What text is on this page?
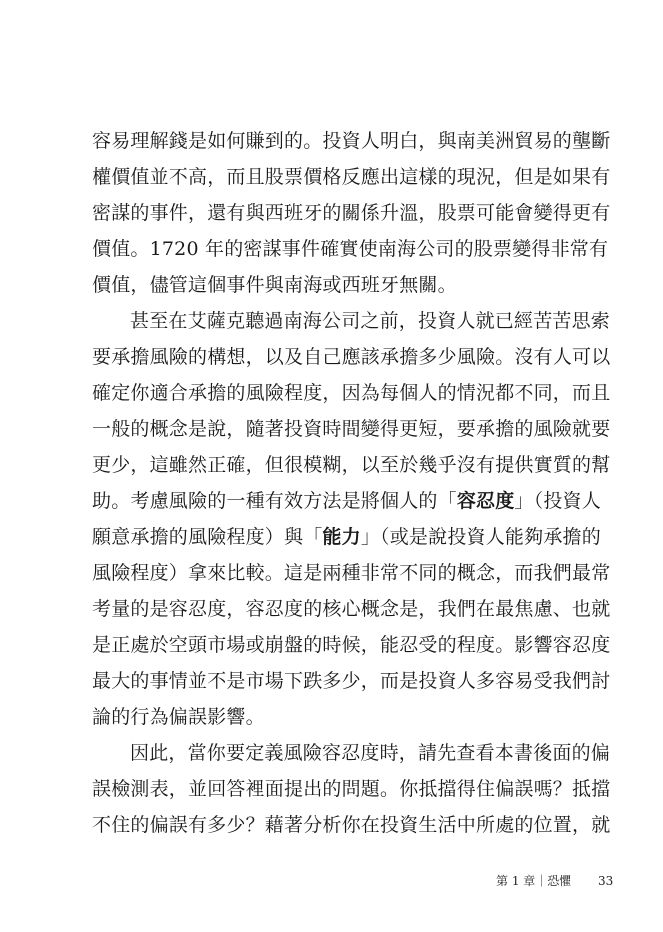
容易理解錢是如何賺到的。投資人明白，與南美洲貿易的壟斷
權價值並不高，而且股票價格反應出這樣的現況，但是如果有
密謀的事件，還有與西班牙的關係升溫，股票可能會變得更有
價值。1720 年的密謀事件確實使南海公司的股票變得非常有
價值，儘管這個事件與南海或西班牙無關。
甚至在艾薩克聽過南海公司之前，投資人就已經苦苦思索
要承擔風險的構想，以及自己應該承擔多少風險。沒有人可以
確定你適合承擔的風險程度，因為每個人的情況都不同，而且
一般的概念是說，隨著投資時間變得更短，要承擔的風險就要
更少，這雖然正確，但很模糊，以至於幾乎沒有提供實質的幫
助。考慮風險的一種有效方法是將個人的「容忍度」（投資人
願意承擔的風險程度）與「能力」（或是說投資人能夠承擔的
風險程度）拿來比較。這是兩種非常不同的概念，而我們最常
考量的是容忍度，容忍度的核心概念是，我們在最焦慮、也就
是正處於空頭市場或崩盤的時候，能忍受的程度。影響容忍度
最大的事情並不是市場下跌多少，而是投資人多容易受我們討
論的行為偏誤影響。
因此，當你要定義風險容忍度時，請先查看本書後面的偏
誤檢測表，並回答裡面提出的問題。你抵擋得住偏誤嗎？抵擋
不住的偏誤有多少？藉著分析你在投資生活中所處的位置，就
第 1 章｜恐懼 33
